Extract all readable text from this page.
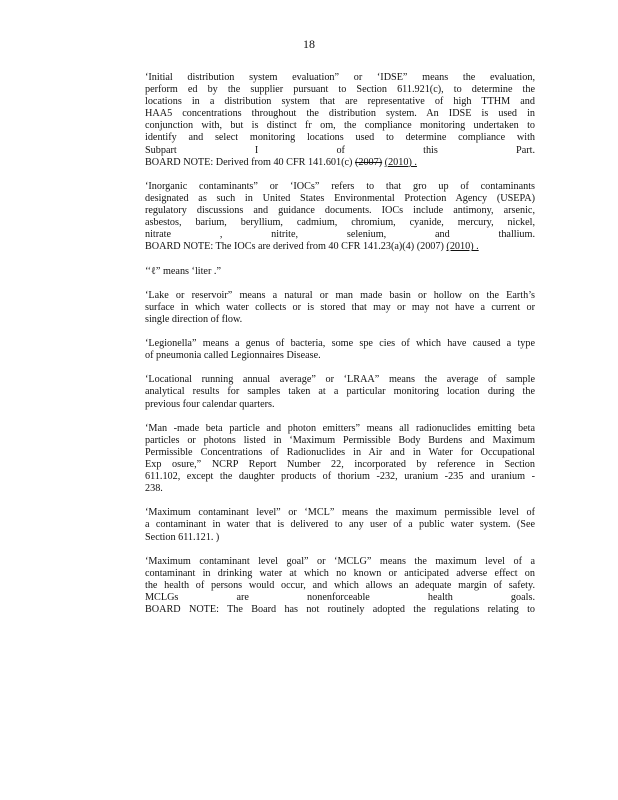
18
‘Initial distribution system evaluation” or ‘IDSE” means the evaluation,
perform ed by the supplier pursuant to Section 611.921(c), to determine the
locations in a distribution system that are representative of high TTHM and
HAA5 concentrations throughout the distribution system. An IDSE is used in
conjunction with, but is distinct fr om, the compliance monitoring undertaken to
identify and select monitoring locations used to determine compliance with
Subpart I of this Part.
BOARD NOTE: Derived from 40 CFR 141.601(c) (2007) (2010) .
‘Inorganic contaminants” or ‘IOCs” refers to that gro up of contaminants
designated as such in United States Environmental Protection Agency (USEPA)
regulatory discussions and guidance documents. IOCs include antimony, arsenic,
asbestos, barium, beryllium, cadmium, chromium, cyanide, mercury, nickel,
nitrate , nitrite, selenium, and thallium.
BOARD NOTE: The IOCs are derived from 40 CFR 141.23(a)(4) (2007) (2010) .
‘‘ℓ” means ‘liter .”
‘Lake or reservoir” means a natural or man made basin or hollow on the Earth’s
surface in which water collects or is stored that may or may not have a current or
single direction of flow.
‘Legionella” means a genus of bacteria, some spe cies of which have caused a type
of pneumonia called Legionnaires Disease.
‘Locational running annual average” or ‘LRAA” means the average of sample
analytical results for samples taken at a particular monitoring location during the
previous four calendar quarters.
‘Man -made beta particle and photon emitters” means all radionuclides emitting beta
particles or photons listed in ‘Maximum Permissible Body Burdens and Maximum
Permissible Concentrations of Radionuclides in Air and in Water for Occupational
Exp osure,” NCRP Report Number 22, incorporated by reference in Section
611.102, except the daughter products of thorium -232, uranium -235 and uranium -
238.
‘Maximum contaminant level” or ‘MCL” means the maximum permissible level of
a contaminant in water that is delivered to any user of a public water system. (See
Section 611.121. )
‘Maximum contaminant level goal” or ‘MCLG” means the maximum level of a
contaminant in drinking water at which no known or anticipated adverse effect on
the health of persons would occur, and which allows an adequate margin of safety.
MCLGs are nonenforceable health goals.
BOARD NOTE: The Board has not routinely adopted the regulations relating to
